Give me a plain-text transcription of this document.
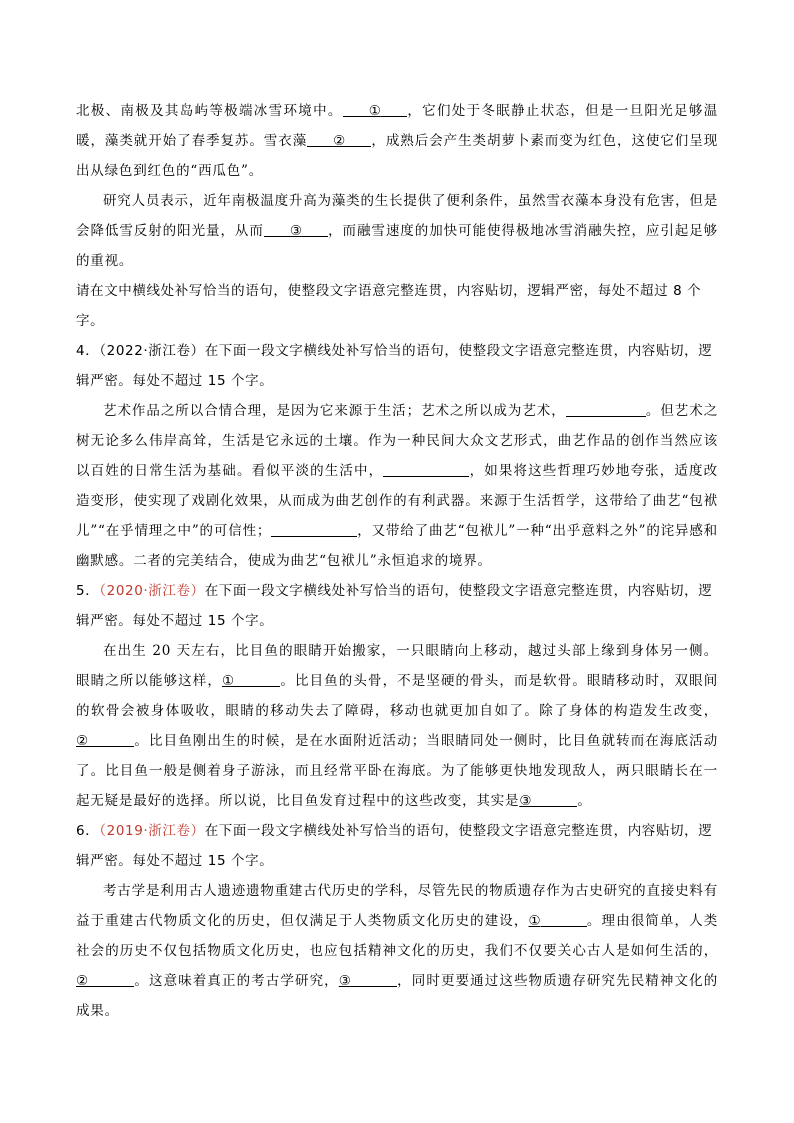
北极、南极及其岛屿等极端冰雪环境中。 ① ，它们处于冬眠静止状态，但是一旦阳光足够温暖，藻类就开始了春季复苏。雪衣藻 ② ，成熟后会产生类胡萝卜素而变为红色，这使它们呈现出从绿色到红色的“西瓜色”。

研究人员表示，近年南极温度升高为藻类的生长提供了便利条件，虽然雪衣藻本身没有危害，但是会降低雪反射的阳光量，从而 ③ ，而融雪速度的加快可能使得极地冰雪消融失控，应引起足够的重视。

请在文中横线处补写恰当的语句，使整段文字语意完整连贯，内容贴切，逻辑严密，每处不超过 8 个字。

4．（2022·浙江卷）在下面一段文字横线处补写恰当的语句，使整段文字语意完整连贯，内容贴切，逻辑严密。每处不超过 15 个字。

艺术作品之所以合情合理，是因为它来源于生活；艺术之所以成为艺术，	。但艺术之树无论多么伟岸高耸，生活是它永远的土壤。作为一种民间大众文艺形式，曲艺作品的创作当然应该以百姓的日常生活为基础。看似平淡的生活中，	，如果将这些哲理巧妙地夸张，适度改造变形，使实现了戏剧化效果，从而成为曲艺创作的有利武器。来源于生活哲学，这带给了曲艺“包袱儿”“在乎情理之中”的可信性；	，又带给了曲艺“包袱儿”一种“出乎意料之外”的诧异感和幽默感。二者的完美结合，使成为曲艺“包袱儿”永恒追求的境界。

5．（2020·浙江卷）在下面一段文字横线处补写恰当的语句，使整段文字语意完整连贯，内容贴切，逻辑严密。每处不超过 15 个字。

在出生 20 天左右，比目鱼的眼睛开始搬家，一只眼睛向上移动，越过头部上缘到身体另一侧。眼睛之所以能够这样，①	。比目鱼的头骨，不是坚硬的骨头，而是软骨。眼睛移动时，双眼间的软骨会被身体吸收，眼睛的移动失去了障碍，移动也就更加自如了。除了身体的构造发生改变，②	。比目鱼刚出生的时候，是在水面附近活动；当眼睛同处一侧时，比目鱼就转而在海底活动了。比目鱼一般是侧着身子游泳，而且经常平卧在海底。为了能够更快地发现敌人，两只眼睛长在一起无疑是最好的选择。所以说，比目鱼发育过程中的这些改变，其实是③	。

6．（2019·浙江卷）在下面一段文字横线处补写恰当的语句，使整段文字语意完整连贯，内容贴切，逻辑严密。每处不超过 15 个字。

考古学是利用古人遗迹遗物重建古代历史的学科，尽管先民的物质遗存作为古史研究的直接史料有益于重建古代物质文化的历史，但仅满足于人类物质文化历史的建设，①	。理由很简单，人类社会的历史不仅包括物质文化历史，也应包括精神文化的历史，我们不仅要关心古人是如何生活的，②	。这意味着真正的考古学研究，③	，同时更要通过这些物质遗存研究先民精神文化的成果。
